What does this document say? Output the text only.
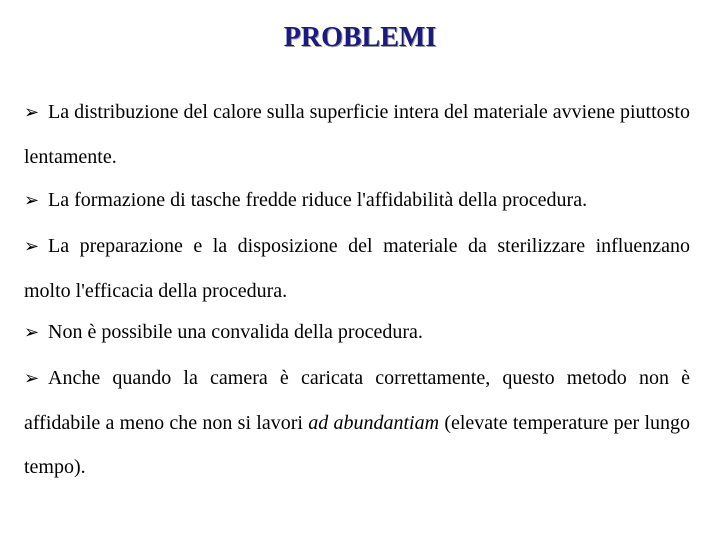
PROBLEMI
➢ La distribuzione del calore sulla superficie intera del materiale avviene piuttosto lentamente.
➢ La formazione di tasche fredde riduce l'affidabilità della procedura.
➢ La preparazione e la disposizione del materiale da sterilizzare influenzano molto l'efficacia della procedura.
➢ Non è possibile una convalida della procedura.
➢ Anche quando la camera è caricata correttamente, questo metodo non è affidabile a meno che non si lavori ad abundantiam (elevate temperature per lungo tempo).
